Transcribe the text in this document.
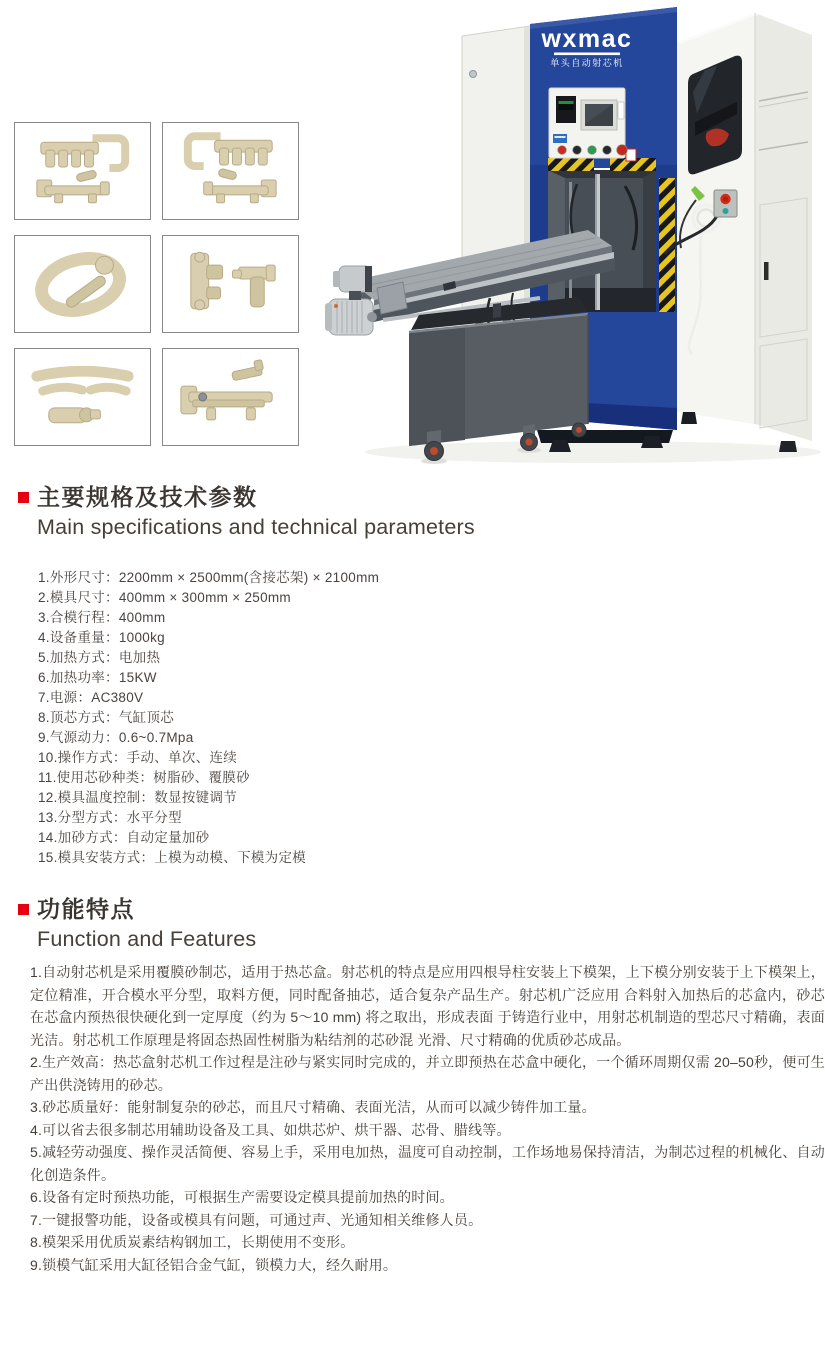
wxmac
单头自动射芯机
主要规格及技术参数
Main specifications and technical parameters
1.外形尺寸：2200mm × 2500mm(含接芯架) × 2100mm
2.模具尺寸：400mm × 300mm × 250mm
3.合模行程：400mm
4.设备重量：1000kg
5.加热方式：电加热
6.加热功率：15KW
7.电源：AC380V
8.顶芯方式：气缸顶芯
9.气源动力：0.6~0.7Mpa
10.操作方式：手动、单次、连续
11.使用芯砂种类：树脂砂、覆膜砂
12.模具温度控制：数显按键调节
13.分型方式：水平分型
14.加砂方式：自动定量加砂
15.模具安装方式：上模为动模、下模为定模
功能特点
Function and Features
1.自动射芯机是采用覆膜砂制芯，适用于热芯盒。射芯机的特点是应用四根导柱安装上下模架，上下模分别安装于上下模架上，定位精准，开合模水平分型，取料方便，同时配备抽芯，适合复杂产品生产。射芯机广泛应用 合料射入加热后的芯盒内，砂芯在芯盒内预热很快硬化到一定厚度（约为 5～10 mm) 将之取出，形成表面 于铸造行业中，用射芯机制造的型芯尺寸精确，表面光洁。射芯机工作原理是将固态热固性树脂为粘结剂的芯砂混 光滑、尺寸精确的优质砂芯成品。
2.生产效高：热芯盒射芯机工作过程是注砂与紧实同时完成的，并立即预热在芯盒中硬化，一个循环周期仅需 20–50秒，便可生产出供浇铸用的砂芯。
3.砂芯质量好：能射制复杂的砂芯，而且尺寸精确、表面光洁，从而可以减少铸件加工量。
4.可以省去很多制芯用辅助设备及工具、如烘芯炉、烘干器、芯骨、腊线等。
5.减轻劳动强度、操作灵活简便、容易上手，采用电加热，温度可自动控制，工作场地易保持清洁，为制芯过程的机械化、自动化创造条件。
6.设备有定时预热功能，可根据生产需要设定模具提前加热的时间。
7.一键报警功能，设备或模具有问题，可通过声、光通知相关维修人员。
8.模架采用优质炭素结构钢加工，长期使用不变形。
9.锁模气缸采用大缸径铝合金气缸，锁模力大，经久耐用。
